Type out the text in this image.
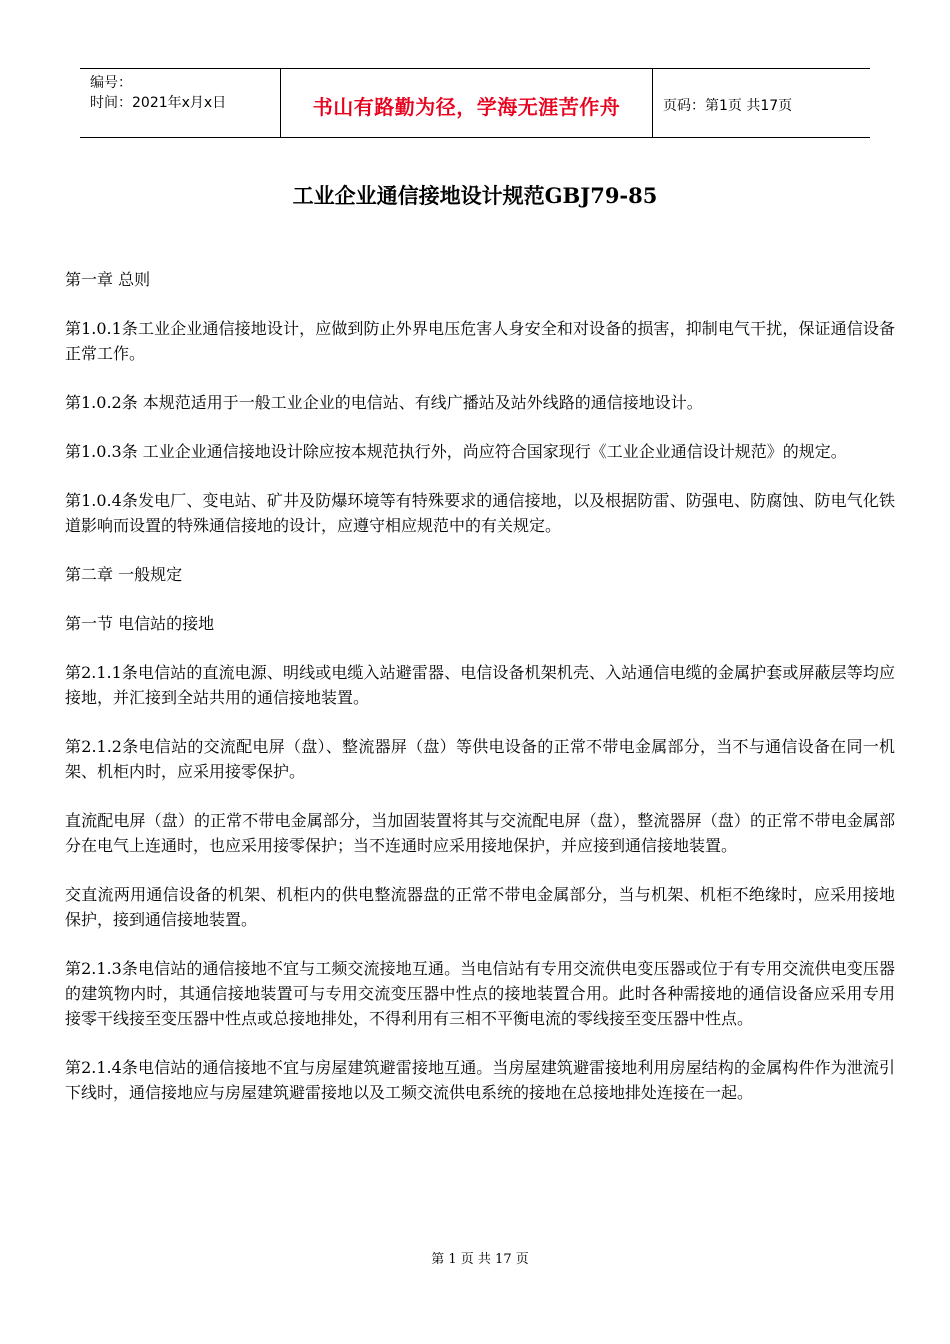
编号：
时间：2021年x月x日	书山有路勤为径，学海无涯苦作舟	页码：第1页 共17页
工业企业通信接地设计规范GBJ79-85

第一章 总则

第1.0.1条工业企业通信接地设计，应做到防止外界电压危害人身安全和对设备的损害，抑制电气干扰，保证通信设备正常工作。

第1.0.2条 本规范适用于一般工业企业的电信站、有线广播站及站外线路的通信接地设计。

第1.0.3条 工业企业通信接地设计除应按本规范执行外，尚应符合国家现行《工业企业通信设计规范》的规定。

第1.0.4条发电厂、变电站、矿井及防爆环境等有特殊要求的通信接地，以及根据防雷、防强电、防腐蚀、防电气化铁道影响而设置的特殊通信接地的设计，应遵守相应规范中的有关规定。

第二章 一般规定

第一节 电信站的接地

第2.1.1条电信站的直流电源、明线或电缆入站避雷器、电信设备机架机壳、入站通信电缆的金属护套或屏蔽层等均应接地，并汇接到全站共用的通信接地装置。

第2.1.2条电信站的交流配电屏（盘）、整流器屏（盘）等供电设备的正常不带电金属部分，当不与通信设备在同一机架、机柜内时，应采用接零保护。

直流配电屏（盘）的正常不带电金属部分，当加固装置将其与交流配电屏（盘），整流器屏（盘）的正常不带电金属部分在电气上连通时，也应采用接零保护；当不连通时应采用接地保护，并应接到通信接地装置。

交直流两用通信设备的机架、机柜内的供电整流器盘的正常不带电金属部分，当与机架、机柜不绝缘时，应采用接地保护，接到通信接地装置。

第2.1.3条电信站的通信接地不宜与工频交流接地互通。当电信站有专用交流供电变压器或位于有专用交流供电变压器的建筑物内时，其通信接地装置可与专用交流变压器中性点的接地装置合用。此时各种需接地的通信设备应采用专用接零干线接至变压器中性点或总接地排处，不得利用有三相不平衡电流的零线接至变压器中性点。

第2.1.4条电信站的通信接地不宜与房屋建筑避雷接地互通。当房屋建筑避雷接地利用房屋结构的金属构件作为泄流引下线时，通信接地应与房屋建筑避雷接地以及工频交流供电系统的接地在总接地排处连接在一起。

第 1 页 共 17 页
